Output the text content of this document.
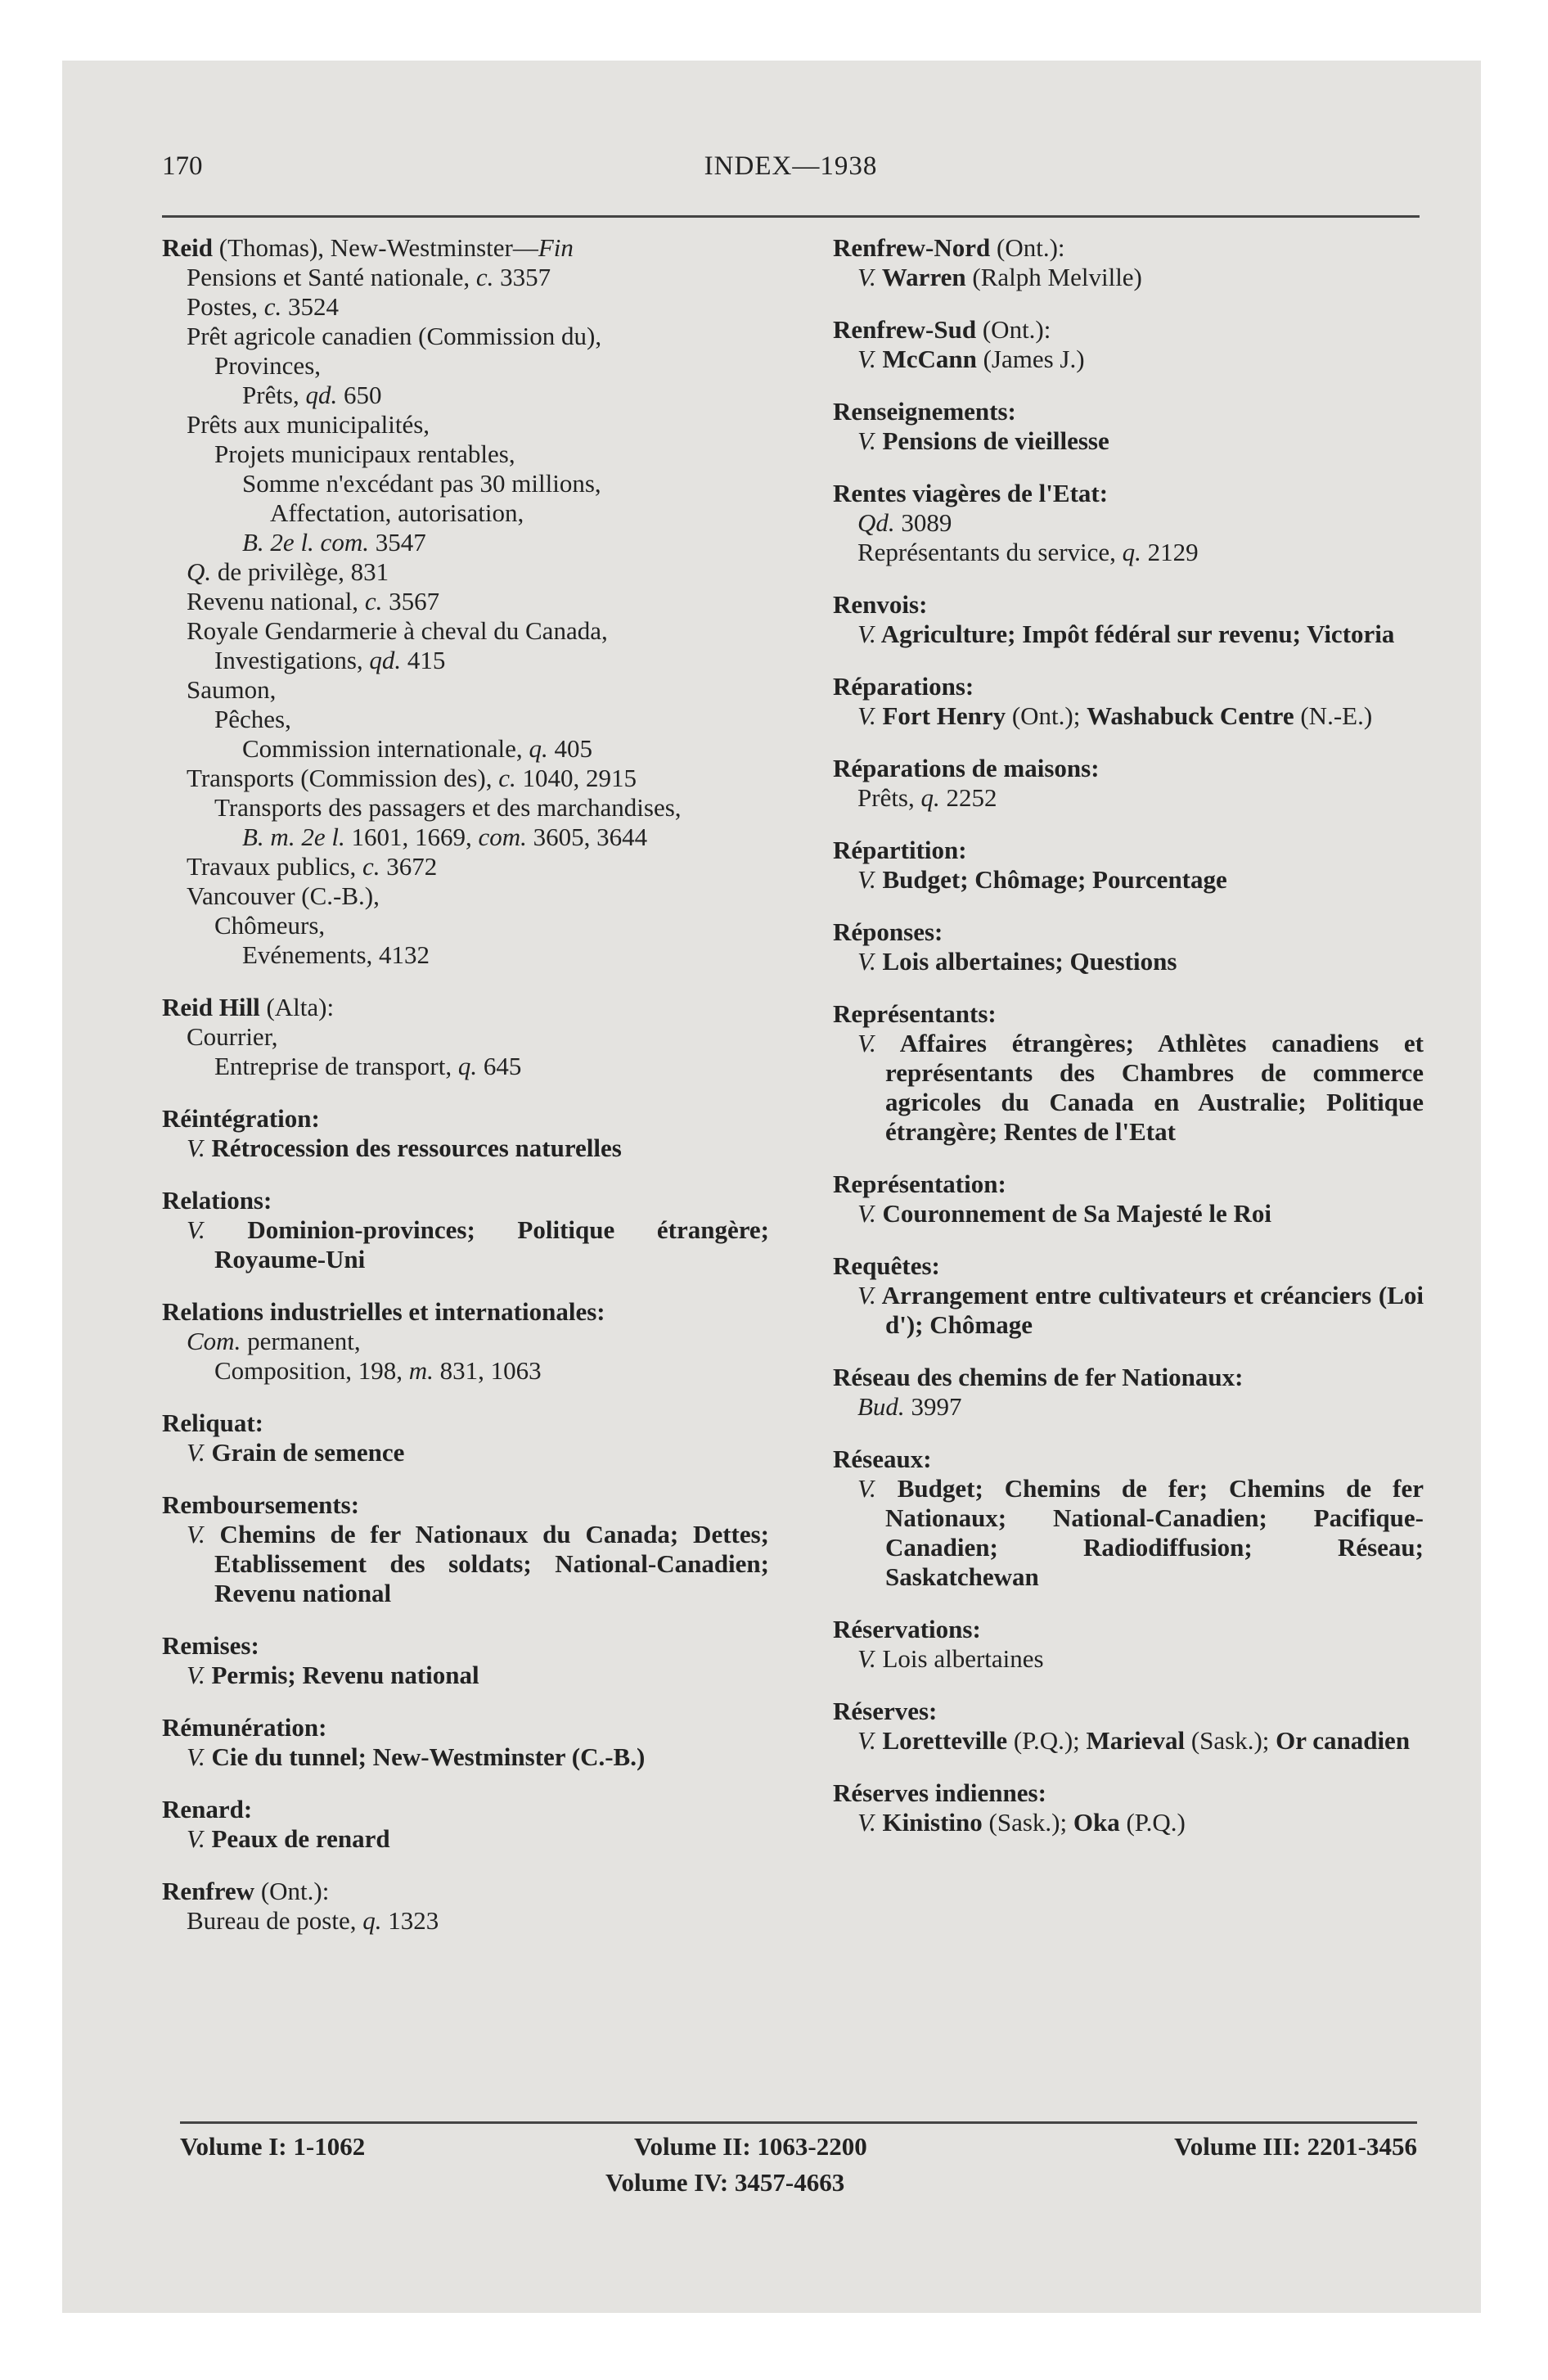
170	INDEX—1938
Reid (Thomas), New-Westminster—Fin
Pensions et Santé nationale, c. 3357
Postes, c. 3524
Prêt agricole canadien (Commission du),
Provinces,
Prêts, qd. 650
Prêts aux municipalités,
Projets municipaux rentables,
Somme n'excédant pas 30 millions,
Affectation, autorisation,
B. 2e l. com. 3547
Q. de privilège, 831
Revenu national, c. 3567
Royale Gendarmerie à cheval du Canada,
Investigations, qd. 415
Saumon,
Pêches,
Commission internationale, q. 405
Transports (Commission des), c. 1040, 2915
Transports des passagers et des marchandises,
B. m. 2e l. 1601, 1669, com. 3605, 3644
Travaux publics, c. 3672
Vancouver (C.-B.),
Chômeurs,
Evénements, 4132
Reid Hill (Alta):
Courrier,
Entreprise de transport, q. 645
Réintégration:
V. Rétrocession des ressources naturelles
Relations:
V. Dominion-provinces; Politique étrangère; Royaume-Uni
Relations industrielles et internationales:
Com. permanent,
Composition, 198, m. 831, 1063
Reliquat:
V. Grain de semence
Remboursements:
V. Chemins de fer Nationaux du Canada; Dettes; Etablissement des soldats; National-Canadien; Revenu national
Remises:
V. Permis; Revenu national
Rémunération:
V. Cie du tunnel; New-Westminster (C.-B.)
Renard:
V. Peaux de renard
Renfrew (Ont.):
Bureau de poste, q. 1323
Renfrew-Nord (Ont.):
V. Warren (Ralph Melville)
Renfrew-Sud (Ont.):
V. McCann (James J.)
Renseignements:
V. Pensions de vieillesse
Rentes viagères de l'Etat:
Qd. 3089
Représentants du service, q. 2129
Renvois:
V. Agriculture; Impôt fédéral sur revenu; Victoria
Réparations:
V. Fort Henry (Ont.); Washabuck Centre (N.-E.)
Réparations de maisons:
Prêts, q. 2252
Répartition:
V. Budget; Chômage; Pourcentage
Réponses:
V. Lois albertaines; Questions
Représentants:
V. Affaires étrangères; Athlètes canadiens et représentants des Chambres de commerce agricoles du Canada en Australie; Politique étrangère; Rentes de l'Etat
Représentation:
V. Couronnement de Sa Majesté le Roi
Requêtes:
V. Arrangement entre cultivateurs et créanciers (Loi d'); Chômage
Réseau des chemins de fer Nationaux:
Bud. 3997
Réseaux:
V. Budget; Chemins de fer; Chemins de fer Nationaux; National-Canadien; Pacifique-Canadien; Radiodiffusion; Réseau; Saskatchewan
Réservations:
V. Lois albertaines
Réserves:
V. Loretteville (P.Q.); Marieval (Sask.); Or canadien
Réserves indiennes:
V. Kinistino (Sask.); Oka (P.Q.)
Volume I: 1-1062	Volume II: 1063-2200	Volume III: 2201-3456
Volume IV: 3457-4663
